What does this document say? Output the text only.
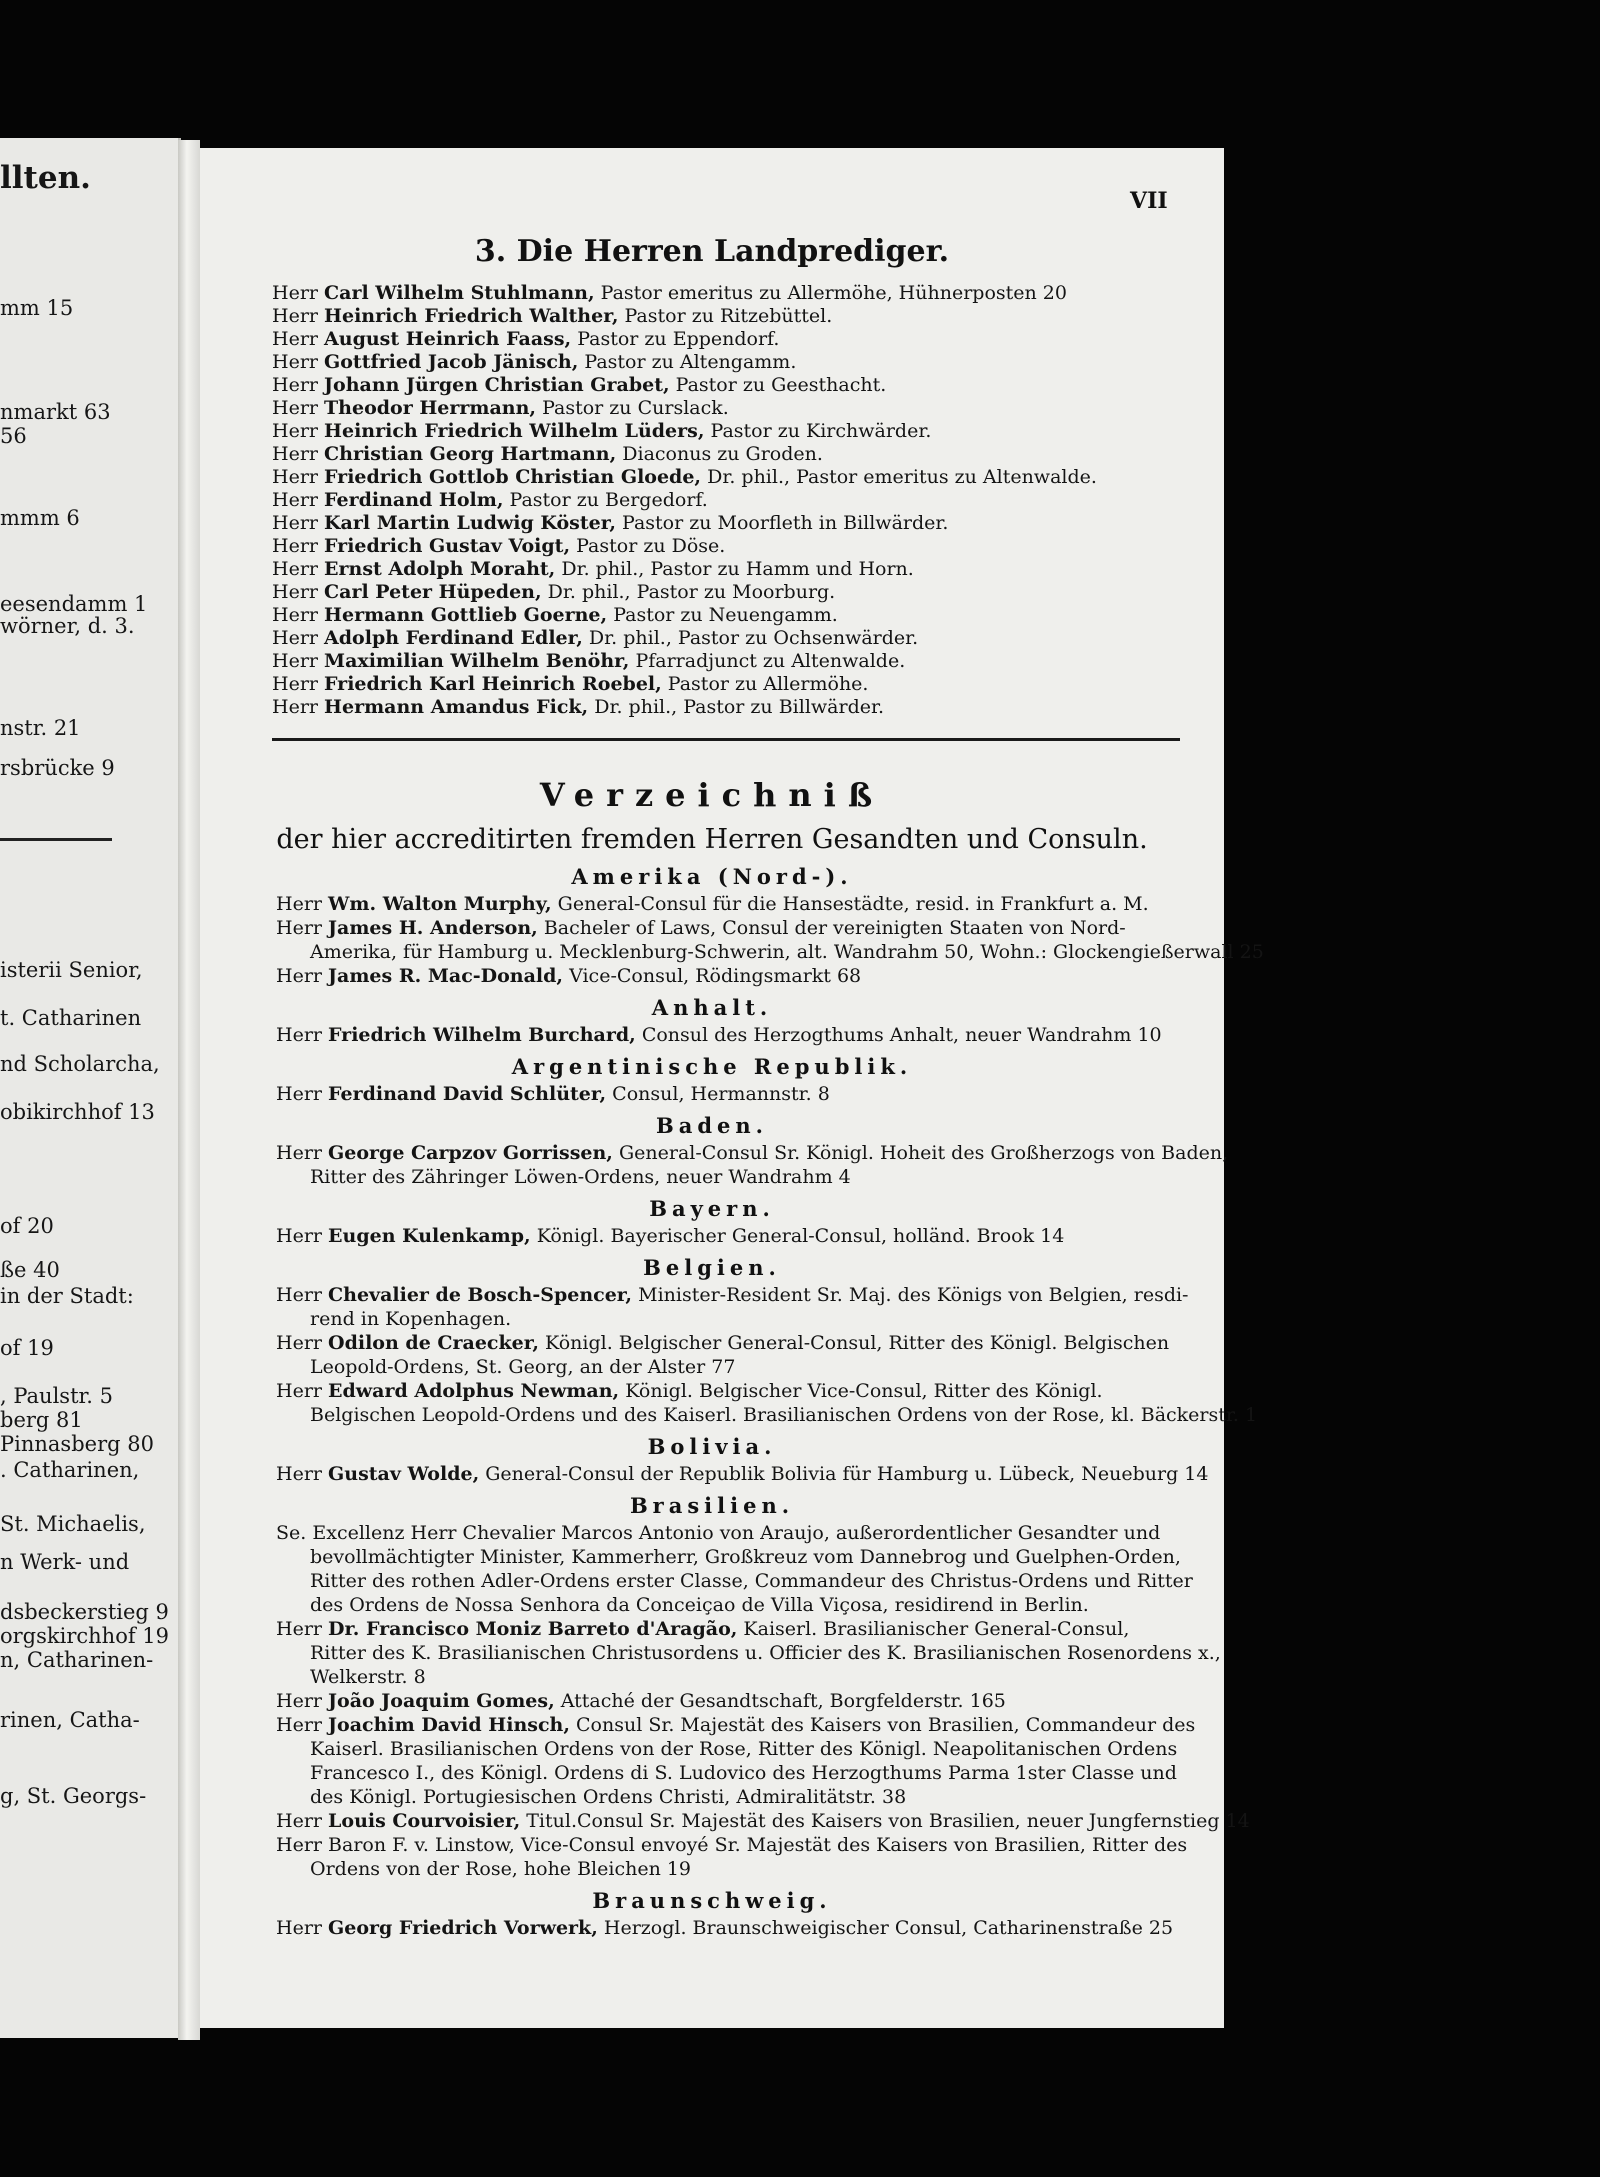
llten.
mm 15
nmarkt 63
56
mmm 6
eesendamm 1
wörner, d. 3.
nstr. 21
rsbrücke 9
isterii Senior,
t. Catharinen
nd Scholarcha,
obikirchhof 13
of 20
ße 40
in der Stadt:
of 19
, Paulstr. 5
berg 81
Pinnasberg 80
. Catharinen,
St. Michaelis,
n Werk- und
dsbeckerstieg 9
orgskirchhof 19
n, Catharinen-
rinen, Catha-
g, St. Georgs-
VII
3. Die Herren Landprediger.
Herr Carl Wilhelm Stuhlmann, Pastor emeritus zu Allermöhe, Hühnerposten 20
Herr Heinrich Friedrich Walther, Pastor zu Ritzebüttel.
Herr August Heinrich Faass, Pastor zu Eppendorf.
Herr Gottfried Jacob Jänisch, Pastor zu Altengamm.
Herr Johann Jürgen Christian Grabet, Pastor zu Geesthacht.
Herr Theodor Herrmann, Pastor zu Curslack.
Herr Heinrich Friedrich Wilhelm Lüders, Pastor zu Kirchwärder.
Herr Christian Georg Hartmann, Diaconus zu Groden.
Herr Friedrich Gottlob Christian Gloede, Dr. phil., Pastor emeritus zu Altenwalde.
Herr Ferdinand Holm, Pastor zu Bergedorf.
Herr Karl Martin Ludwig Köster, Pastor zu Moorfleth in Billwärder.
Herr Friedrich Gustav Voigt, Pastor zu Döse.
Herr Ernst Adolph Moraht, Dr. phil., Pastor zu Hamm und Horn.
Herr Carl Peter Hüpeden, Dr. phil., Pastor zu Moorburg.
Herr Hermann Gottlieb Goerne, Pastor zu Neuengamm.
Herr Adolph Ferdinand Edler, Dr. phil., Pastor zu Ochsenwärder.
Herr Maximilian Wilhelm Benöhr, Pfarradjunct zu Altenwalde.
Herr Friedrich Karl Heinrich Roebel, Pastor zu Allermöhe.
Herr Hermann Amandus Fick, Dr. phil., Pastor zu Billwärder.
Verzeichniß
der hier accreditirten fremden Herren Gesandten und Consuln.
Amerika (Nord-).
Herr Wm. Walton Murphy, General-Consul für die Hansestädte, resid. in Frankfurt a. M.
Herr James H. Anderson, Bacheler of Laws, Consul der vereinigten Staaten von Nord-
Amerika, für Hamburg u. Mecklenburg-Schwerin, alt. Wandrahm 50, Wohn.: Glockengießerwall 25
Herr James R. Mac-Donald, Vice-Consul, Rödingsmarkt 68
Anhalt.
Herr Friedrich Wilhelm Burchard, Consul des Herzogthums Anhalt, neuer Wandrahm 10
Argentinische Republik.
Herr Ferdinand David Schlüter, Consul, Hermannstr. 8
Baden.
Herr George Carpzov Gorrissen, General-Consul Sr. Königl. Hoheit des Großherzogs von Baden,
Ritter des Zähringer Löwen-Ordens, neuer Wandrahm 4
Bayern.
Herr Eugen Kulenkamp, Königl. Bayerischer General-Consul, holländ. Brook 14
Belgien.
Herr Chevalier de Bosch-Spencer, Minister-Resident Sr. Maj. des Königs von Belgien, resdi-
rend in Kopenhagen.
Herr Odilon de Craecker, Königl. Belgischer General-Consul, Ritter des Königl. Belgischen
Leopold-Ordens, St. Georg, an der Alster 77
Herr Edward Adolphus Newman, Königl. Belgischer Vice-Consul, Ritter des Königl.
Belgischen Leopold-Ordens und des Kaiserl. Brasilianischen Ordens von der Rose, kl. Bäckerstr. 1
Bolivia.
Herr Gustav Wolde, General-Consul der Republik Bolivia für Hamburg u. Lübeck, Neueburg 14
Brasilien.
Se. Excellenz Herr Chevalier Marcos Antonio von Araujo, außerordentlicher Gesandter und
bevollmächtigter Minister, Kammerherr, Großkreuz vom Dannebrog und Guelphen-Orden,
Ritter des rothen Adler-Ordens erster Classe, Commandeur des Christus-Ordens und Ritter
des Ordens de Nossa Senhora da Conceiçao de Villa Viçosa, residirend in Berlin.
Herr Dr. Francisco Moniz Barreto d'Aragão, Kaiserl. Brasilianischer General-Consul,
Ritter des K. Brasilianischen Christusordens u. Officier des K. Brasilianischen Rosenordens x.,
Welkerstr. 8
Herr João Joaquim Gomes, Attaché der Gesandtschaft, Borgfelderstr. 165
Herr Joachim David Hinsch, Consul Sr. Majestät des Kaisers von Brasilien, Commandeur des
Kaiserl. Brasilianischen Ordens von der Rose, Ritter des Königl. Neapolitanischen Ordens
Francesco I., des Königl. Ordens di S. Ludovico des Herzogthums Parma 1ster Classe und
des Königl. Portugiesischen Ordens Christi, Admiralitätstr. 38
Herr Louis Courvoisier, Titul.Consul Sr. Majestät des Kaisers von Brasilien, neuer Jungfernstieg 14
Herr Baron F. v. Linstow, Vice-Consul envoyé Sr. Majestät des Kaisers von Brasilien, Ritter des
Ordens von der Rose, hohe Bleichen 19
Braunschweig.
Herr Georg Friedrich Vorwerk, Herzogl. Braunschweigischer Consul, Catharinenstraße 25
